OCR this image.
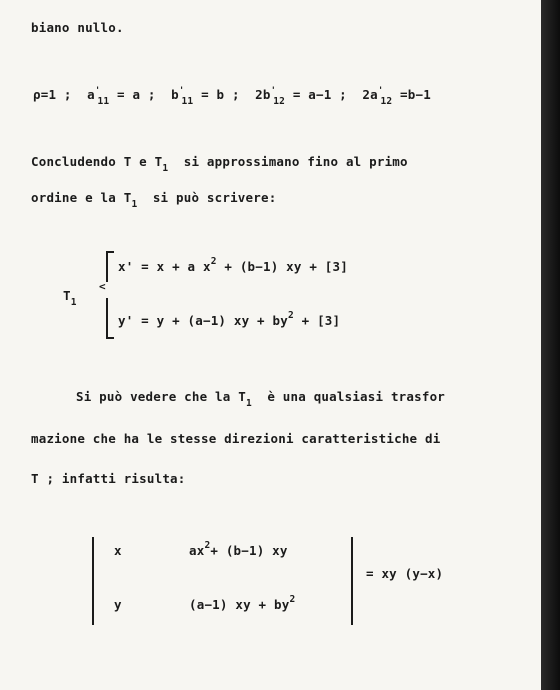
biano nullo.
ρ=1 ; $a'_{11} = a$ ; $b'_{11} = b$ ; $2b'_{12} = a-1$ ; $2a'_{12} =b-1$
Concludendo T e $T_1$ si approssimano fino al primo
ordine e la $T_1$ si può scrivere:
$T_1$
<
x' = x + a $x^2 + (b-1)$ xy + [3]
y' = y + (a−1) xy + $by^2 + [3]$
Si può vedere che la $T_1$ è una qualsiasi trasfor
mazione che ha le stesse direzioni caratteristiche di
T ; infatti risulta:
x	$ax^2+ (b-1)$ xy
y	(a−1) xy + $by^2$
= xy (y−x)
